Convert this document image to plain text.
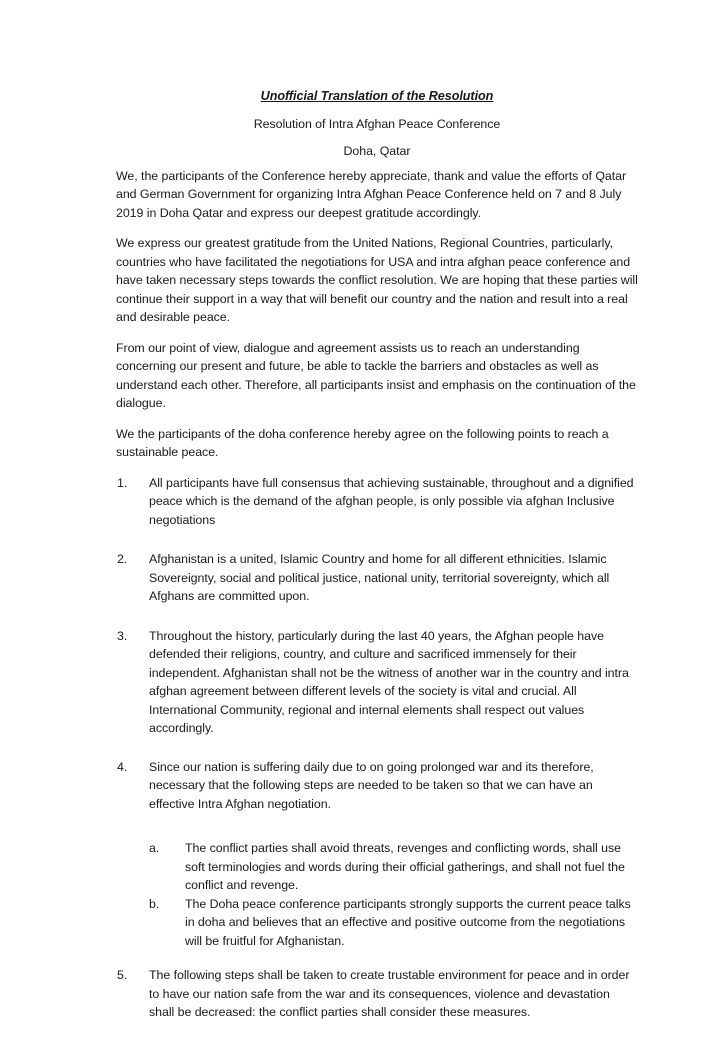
Unofficial Translation of the Resolution

Resolution of Intra Afghan Peace Conference

Doha, Qatar

We, the participants of the Conference hereby appreciate, thank and value the efforts of Qatar and German Government for organizing Intra Afghan Peace Conference held on 7 and 8 July 2019 in Doha Qatar and express our deepest gratitude accordingly.

We express our greatest gratitude from the United Nations, Regional Countries, particularly, countries who have facilitated the negotiations for USA and intra afghan peace conference and have taken necessary steps towards the conflict resolution. We are hoping that these parties will continue their support in a way that will benefit our country and the nation and result into a real and desirable peace.

From our point of view, dialogue and agreement assists us to reach an understanding concerning our present and future, be able to tackle the barriers and obstacles as well as understand each other. Therefore, all participants insist and emphasis on the continuation of the dialogue.

We the participants of the doha conference hereby agree on the following points to reach a sustainable peace.

1.	All participants have full consensus that achieving sustainable, throughout and a dignified peace which is the demand of the afghan people, is only possible via afghan Inclusive negotiations
2.	Afghanistan is a united, Islamic Country and home for all different ethnicities. Islamic Sovereignty, social and political justice, national unity, territorial sovereignty, which all Afghans are committed upon.
3.	Throughout the history, particularly during the last 40 years, the Afghan people have defended their religions, country, and culture and sacrificed immensely for their independent. Afghanistan shall not be the witness of another war in the country and intra afghan agreement between different levels of the society is vital and crucial. All International Community, regional and internal elements shall respect out values accordingly.
4.	Since our nation is suffering daily due to on going prolonged war and its therefore, necessary that the following steps are needed to be taken so that we can have an effective Intra Afghan negotiation.
a.	The conflict parties shall avoid threats, revenges and conflicting words, shall use soft terminologies and words during their official gatherings, and shall not fuel the conflict and revenge.
b.	The Doha peace conference participants strongly supports the current peace talks in doha and believes that an effective and positive outcome from the negotiations will be fruitful for Afghanistan.
5.	The following steps shall be taken to create trustable environment for peace and in order to have our nation safe from the war and its consequences, violence and devastation shall be decreased: the conflict parties shall consider these measures.
